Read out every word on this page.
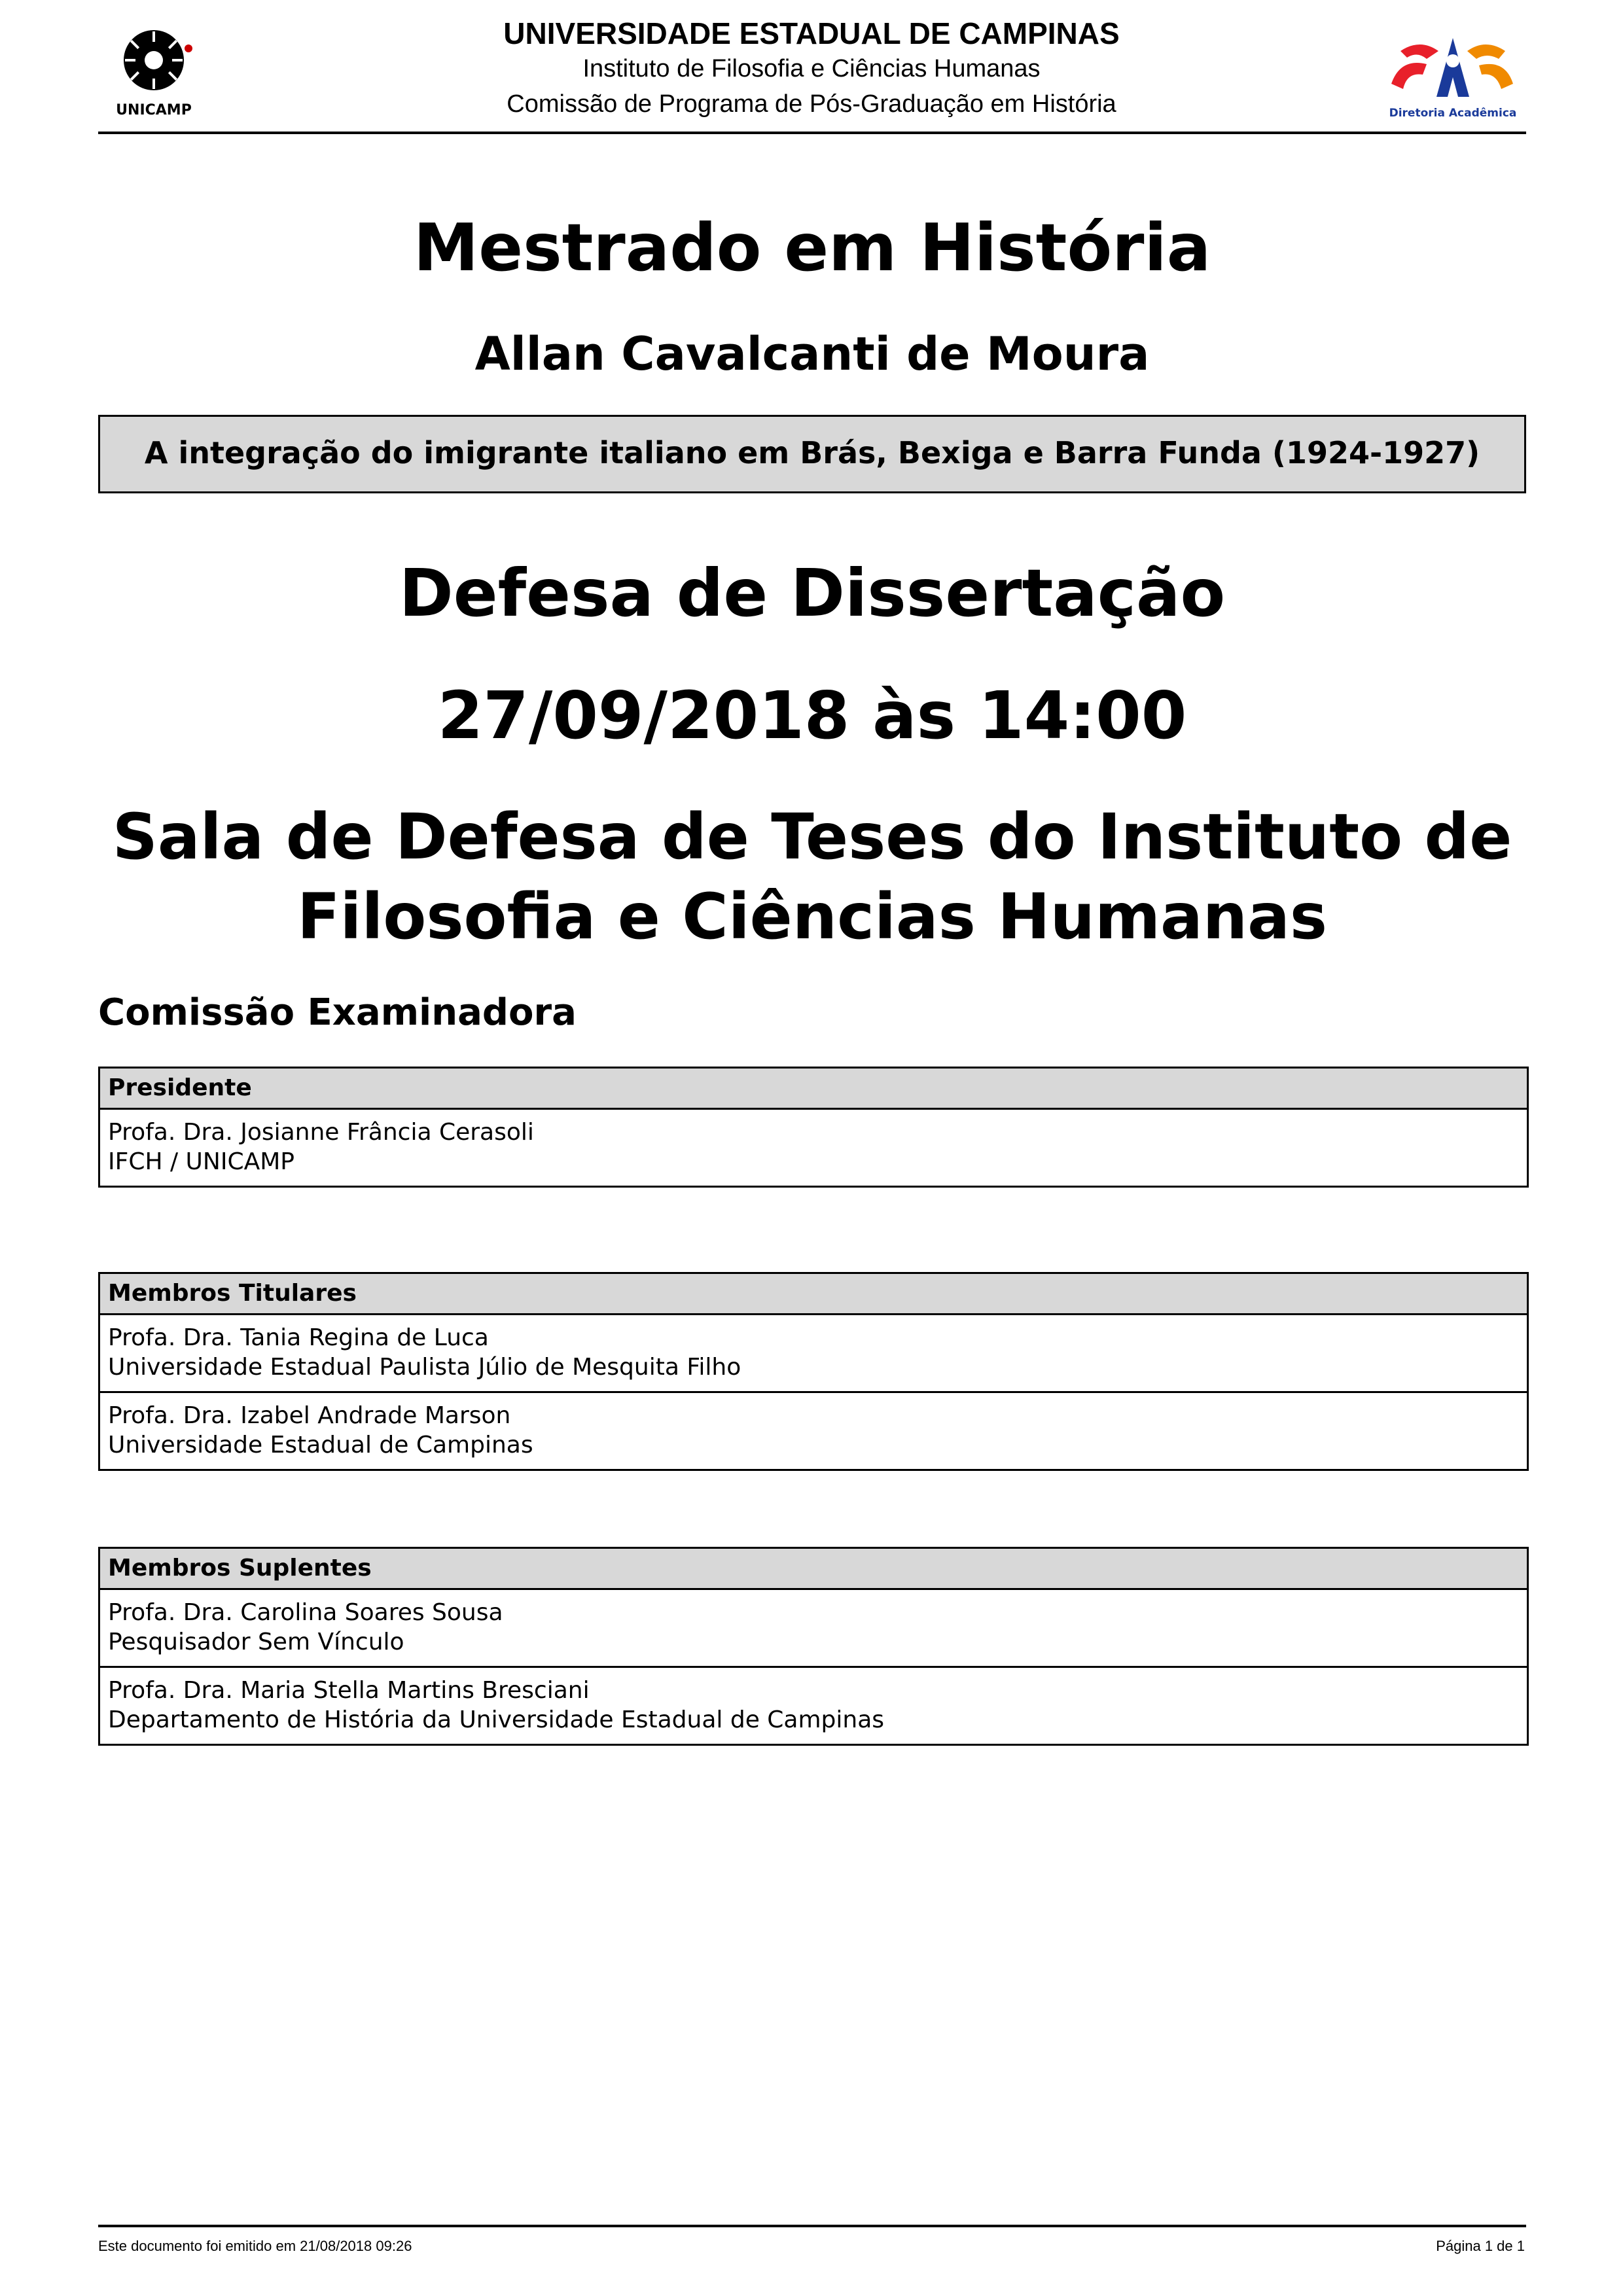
UNICAMP
UNIVERSIDADE ESTADUAL DE CAMPINAS
Instituto de Filosofia e Ciências Humanas
Comissão de Programa de Pós-Graduação em História	Diretoria Acadêmica
Mestrado em História
Allan Cavalcanti de Moura
A integração do imigrante italiano em Brás, Bexiga e Barra Funda (1924-1927)
Defesa de Dissertação
27/09/2018 às 14:00
Sala de Defesa de Teses do Instituto de
Filosofia e Ciências Humanas
Comissão Examinadora
Presidente
Profa. Dra. Josianne Frância Cerasoli
IFCH / UNICAMP
Membros Titulares
Profa. Dra. Tania Regina de Luca
Universidade Estadual Paulista Júlio de Mesquita Filho
Profa. Dra. Izabel Andrade Marson
Universidade Estadual de Campinas
Membros Suplentes
Profa. Dra. Carolina Soares Sousa
Pesquisador Sem Vínculo
Profa. Dra. Maria Stella Martins Bresciani
Departamento de História da Universidade Estadual de Campinas
Este documento foi emitido em 21/08/2018 09:26	Página 1 de 1
